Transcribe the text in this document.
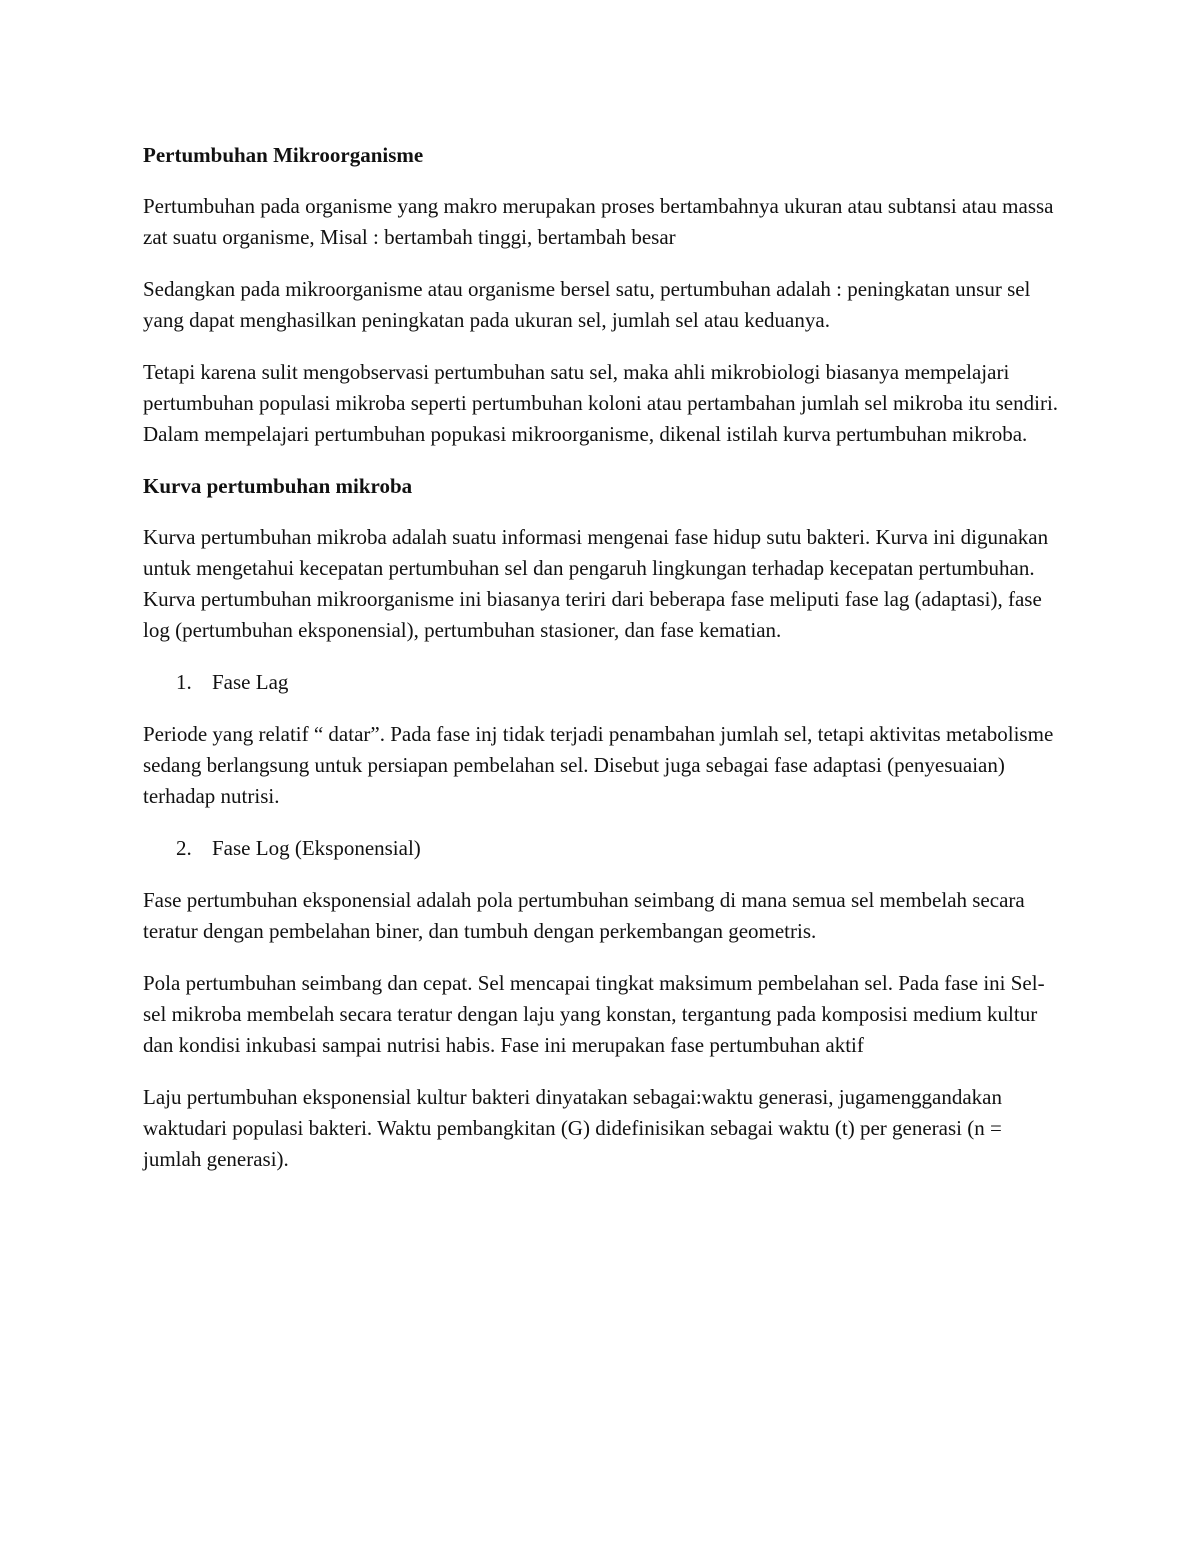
Pertumbuhan Mikroorganisme

Pertumbuhan pada organisme yang makro merupakan proses bertambahnya ukuran atau subtansi atau massa zat suatu organisme, Misal : bertambah tinggi, bertambah besar

Sedangkan pada mikroorganisme atau organisme bersel satu, pertumbuhan adalah : peningkatan unsur sel yang dapat menghasilkan peningkatan pada ukuran sel, jumlah sel atau keduanya.

Tetapi karena sulit mengobservasi pertumbuhan satu sel, maka ahli mikrobiologi biasanya mempelajari pertumbuhan populasi mikroba seperti pertumbuhan koloni atau pertambahan jumlah sel mikroba itu sendiri. Dalam mempelajari pertumbuhan popukasi mikroorganisme, dikenal istilah kurva pertumbuhan mikroba.

Kurva pertumbuhan mikroba

Kurva pertumbuhan mikroba adalah suatu informasi mengenai fase hidup sutu bakteri. Kurva ini digunakan untuk mengetahui kecepatan pertumbuhan sel dan pengaruh lingkungan terhadap kecepatan pertumbuhan. Kurva pertumbuhan mikroorganisme ini biasanya teriri dari beberapa fase meliputi fase lag (adaptasi), fase log (pertumbuhan eksponensial), pertumbuhan stasioner, dan fase kematian.

1. Fase Lag

Periode yang relatif “ datar”. Pada fase inj tidak terjadi penambahan jumlah sel, tetapi aktivitas metabolisme sedang berlangsung untuk persiapan pembelahan sel. Disebut juga sebagai fase adaptasi (penyesuaian) terhadap nutrisi.

2. Fase Log (Eksponensial)

Fase pertumbuhan eksponensial adalah pola pertumbuhan seimbang di mana semua sel membelah secara teratur dengan pembelahan biner, dan tumbuh dengan perkembangan geometris.

Pola pertumbuhan seimbang dan cepat. Sel mencapai tingkat maksimum pembelahan sel. Pada fase ini Sel-sel mikroba membelah secara teratur dengan laju yang konstan, tergantung pada komposisi medium kultur dan kondisi inkubasi sampai nutrisi habis. Fase ini merupakan fase pertumbuhan aktif

Laju pertumbuhan eksponensial kultur bakteri dinyatakan sebagai:waktu generasi, jugamenggandakan waktudari populasi bakteri. Waktu pembangkitan (G) didefinisikan sebagai waktu (t) per generasi (n = jumlah generasi).
